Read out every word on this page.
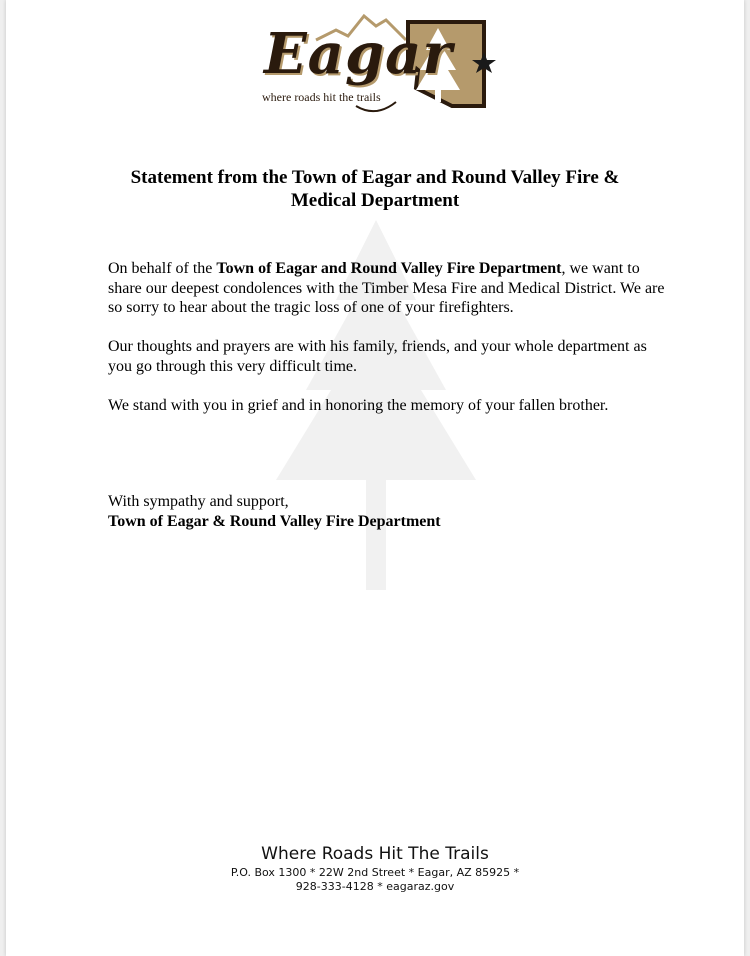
Eagar
where roads hit the trails
Statement from the Town of Eagar and Round Valley Fire &
Medical Department

On behalf of the Town of Eagar and Round Valley Fire Department, we want to share our deepest condolences with the Timber Mesa Fire and Medical District. We are so sorry to hear about the tragic loss of one of your firefighters.

Our thoughts and prayers are with his family, friends, and your whole department as you go through this very difficult time.

We stand with you in grief and in honoring the memory of your fallen brother.

With sympathy and support,
Town of Eagar & Round Valley Fire Department
Where Roads Hit The Trails
P.O. Box 1300 * 22W 2nd Street * Eagar, AZ 85925 *
928-333-4128 * eagaraz.gov
